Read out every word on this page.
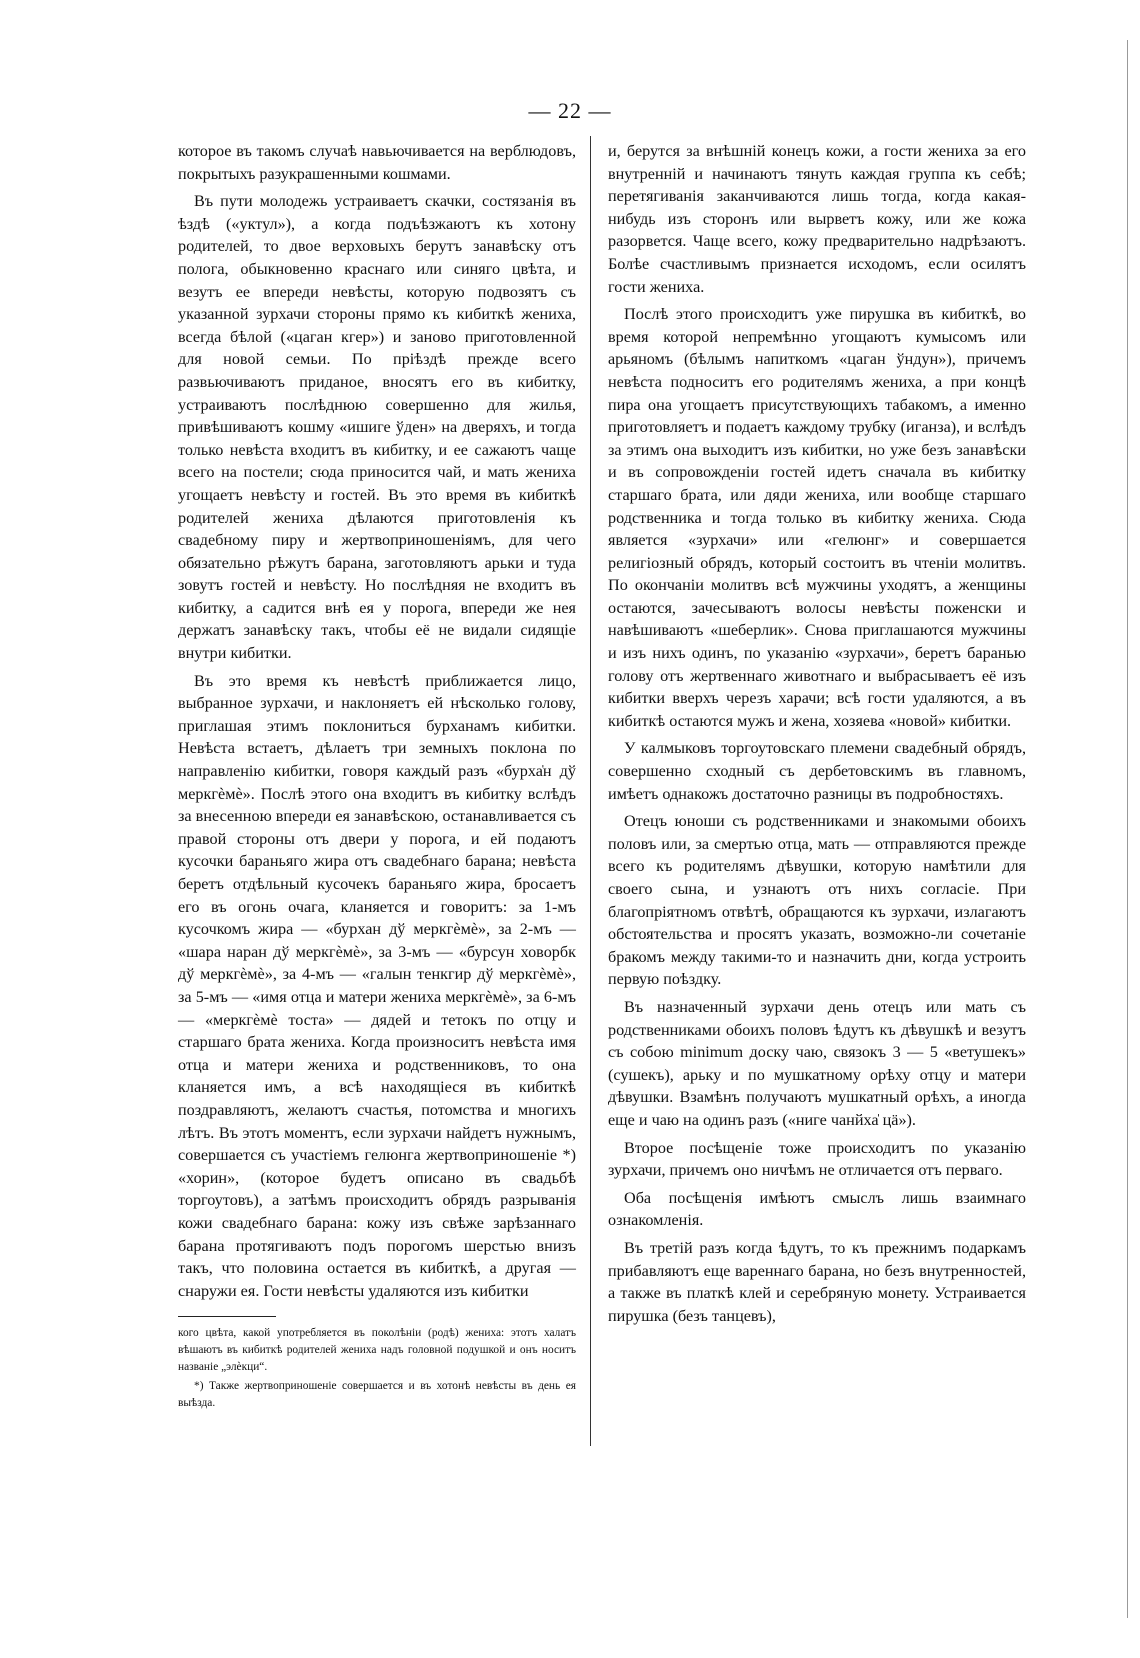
— 22 —

которое въ такомъ случаѣ навьючивается на верблюдовъ, покрытыхъ разукрашенными кошмами.

Въ пути молодежь устраиваетъ скачки, состязанія въ ѣздѣ («уктул»), а когда подъѣзжаютъ къ хотону родителей, то двое верховыхъ берутъ занавѣску отъ полога, обыкновенно краснаго или синяго цвѣта, и везутъ ее впереди невѣсты, которую подвозятъ съ указанной зурхачи стороны прямо къ кибиткѣ жениха, всегда бѣлой («цаган кгер») и заново приготовленной для новой семьи. По пріѣздѣ прежде всего развьючиваютъ приданое, вносятъ его въ кибитку, устраиваютъ послѣднюю совершенно для жилья, привѣшиваютъ кошму «ишиге ўден» на дверяхъ, и тогда только невѣста входитъ въ кибитку, и ее сажаютъ чаще всего на постели; сюда приносится чай, и мать жениха угощаетъ невѣсту и гостей. Въ это время въ кибиткѣ родителей жениха дѣлаются приготовленія къ свадебному пиру и жертвоприношеніямъ, для чего обязательно рѣжутъ барана, заготовляютъ арьки и туда зовутъ гостей и невѣсту. Но послѣдняя не входитъ въ кибитку, а садится внѣ ея у порога, впереди же нея держатъ занавѣску такъ, чтобы её не видали сидящіе внутри кибитки.

Въ это время къ невѣстѣ приближается лицо, выбранное зурхачи, и наклоняетъ ей нѣсколько голову, приглашая этимъ поклониться бурханамъ кибитки. Невѣста встаетъ, дѣлаетъ три земныхъ поклона по направленію кибитки, говоря каждый разъ «бурха̍н дў меркгѐмѐ». Послѣ этого она входитъ въ кибитку вслѣдъ за внесенною впереди ея занавѣскою, останавливается съ правой стороны отъ двери у порога, и ей подаютъ кусочки бараньяго жира отъ свадебнаго барана; невѣста беретъ отдѣльный кусочекъ бараньяго жира, бросаетъ его въ огонь очага, кланяется и говоритъ: за 1-мъ кусочкомъ жира — «бурхан дў меркгѐмѐ», за 2-мъ — «шара наран дў меркгѐмѐ», за 3-мъ — «бурсун ховорбк дў меркгѐмѐ», за 4-мъ — «галын тенкгир дў меркгѐмѐ», за 5-мъ — «имя отца и матери жениха меркгѐмѐ», за 6-мъ — «меркгѐмѐ тоста» — дядей и тетокъ по отцу и старшаго брата жениха. Когда произноситъ невѣста имя отца и матери жениха и родственниковъ, то она кланяется имъ, а всѣ находящіеся въ кибиткѣ поздравляютъ, желаютъ счастья, потомства и многихъ лѣтъ. Въ этотъ моментъ, если зурхачи найдетъ нужнымъ, совершается съ участіемъ гелюнга жертвоприношеніе *) «хорин», (которое будетъ описано въ свадьбѣ торгоутовъ), а затѣмъ происходитъ обрядъ разрыванія кожи свадебнаго барана: кожу изъ свѣже зарѣзаннаго барана протягиваютъ подъ порогомъ шерстью внизъ такъ, что половина остается въ кибиткѣ, а другая — снаружи ея. Гости невѣсты удаляются изъ кибитки

кого цвѣта, какой употребляется въ поколѣніи (родѣ) жениха: этотъ халатъ вѣшаютъ въ кибиткѣ родителей жениха надъ головной подушкой и онъ носитъ названіе „элѐкци“.

*) Также жертвоприношеніе совершается и въ хотонѣ невѣсты въ день ея выѣзда.

и, берутся за внѣшній конецъ кожи, а гости жениха за его внутренній и начинаютъ тянуть каждая группа къ себѣ; перетягиванія заканчиваются лишь тогда, когда какая-нибудь изъ сторонъ или вырветъ кожу, или же кожа разорвется. Чаще всего, кожу предварительно надрѣзаютъ. Болѣе счастливымъ признается исходомъ, если осилятъ гости жениха.

Послѣ этого происходитъ уже пирушка въ кибиткѣ, во время которой непремѣнно угощаютъ кумысомъ или арьяномъ (бѣлымъ напиткомъ «цаган ўндун»), причемъ невѣста подноситъ его родителямъ жениха, а при концѣ пира она угощаетъ присутствующихъ табакомъ, а именно приготовляетъ и подаетъ каждому трубку (иганза), и вслѣдъ за этимъ она выходитъ изъ кибитки, но уже безъ занавѣски и въ сопровожденіи гостей идетъ сначала въ кибитку старшаго брата, или дяди жениха, или вообще старшаго родственника и тогда только въ кибитку жениха. Сюда является «зурхачи» или «гелюнг» и совершается религіозный обрядъ, который состоитъ въ чтеніи молитвъ. По окончаніи молитвъ всѣ мужчины уходятъ, а женщины остаются, зачесываютъ волосы невѣсты поженски и навѣшиваютъ «шеберлик». Снова приглашаются мужчины и изъ нихъ одинъ, по указанію «зурхачи», беретъ баранью голову отъ жертвеннаго животнаго и выбрасываетъ её изъ кибитки вверхъ черезъ харачи; всѣ гости удаляются, а въ кибиткѣ остаются мужъ и жена, хозяева «новой» кибитки.

У калмыковъ торгоутовскаго племени свадебный обрядъ, совершенно сходный съ дербетовскимъ въ главномъ, имѣетъ однакожъ достаточно разницы въ подробностяхъ.

Отецъ юноши съ родственниками и знакомыми обоихъ половъ или, за смертью отца, мать — отправляются прежде всего къ родителямъ дѣвушки, которую намѣтили для своего сына, и узнаютъ отъ нихъ согласіе. При благопріятномъ отвѣтѣ, обращаются къ зурхачи, излагаютъ обстоятельства и просятъ указать, возможно-ли сочетаніе бракомъ между такими-то и назначить дни, когда устроить первую поѣздку.

Въ назначенный зурхачи день отецъ или мать съ родственниками обоихъ половъ ѣдутъ къ дѣвушкѣ и везутъ съ собою minimum доску чаю, связокъ 3 — 5 «ветушекъ» (сушекъ), арьку и по мушкатному орѣху отцу и матери дѣвушки. Взамѣнъ получаютъ мушкатный орѣхъ, а иногда еще и чаю на одинъ разъ («ниге чанйха̍ цӓ»).

Второе посѣщеніе тоже происходитъ по указанію зурхачи, причемъ оно ничѣмъ не отличается отъ перваго.

Оба посѣщенія имѣютъ смыслъ лишь взаимнаго ознакомленія.

Въ третій разъ когда ѣдутъ, то къ прежнимъ подаркамъ прибавляютъ еще вареннаго барана, но безъ внутренностей, а также въ платкѣ клей и серебряную монету. Устраивается пирушка (безъ танцевъ),
